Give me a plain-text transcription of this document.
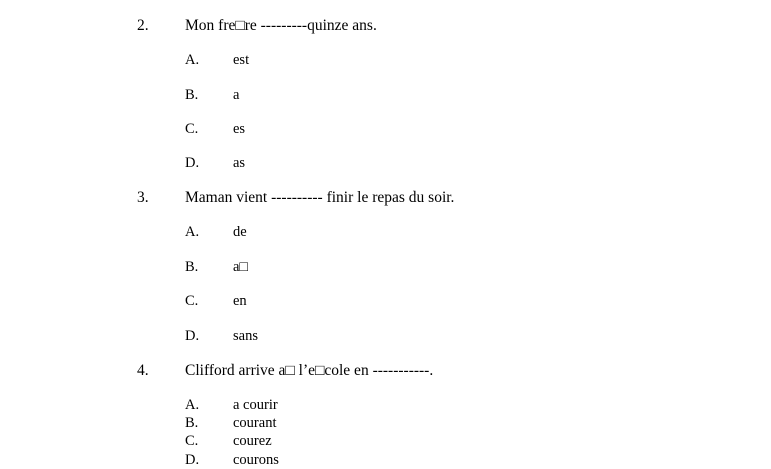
2. Mon fre□re ---------quinze ans.
A. est
B. a
C. es
D. as
3. Maman vient ---------- finir le repas du soir.
A. de
B. a□
C. en
D. sans
4. Clifford arrive a□ l’e□cole en -----------.
A. a courir
B. courant
C. courez
D. courons
